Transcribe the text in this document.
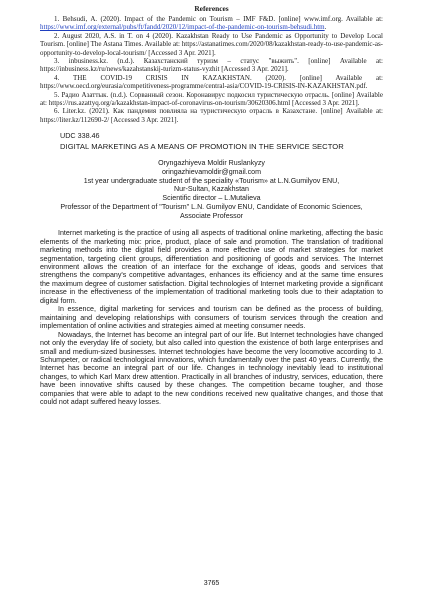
References

1. Behsudi, A. (2020). Impact of the Pandemic on Tourism – IMF F&D. [online] www.imf.org. Available at: https://www.imf.org/external/pubs/ft/fandd/2020/12/impact-of-the-pandemic-on-tourism-behsudi.htm.

2. August 2020, A.S. in T. on 4 (2020). Kazakhstan Ready to Use Pandemic as Opportunity to Develop Local Tourism. [online] The Astana Times. Available at: https://astanatimes.com/2020/08/kazakhstan-ready-to-use-pandemic-as-opportunity-to-develop-local-tourism/ [Accessed 3 Apr. 2021].

3. inbusiness.kz. (n.d.). Казахстанский туризм – статус "выжить". [online] Available at: https://inbusiness.kz/ru/news/kazahstanskij-turizm-status-vyzhit [Accessed 3 Apr. 2021].

4. THE COVID-19 CRISIS IN KAZAKHSTAN. (2020). [online] Available at: https://www.oecd.org/eurasia/competitiveness-programme/central-asia/COVID-19-CRISIS-IN-KAZAKHSTAN.pdf.

5. Радио Азаттык. (n.d.). Сорванный сезон. Коронавирус подкосил туристическую отрасль. [online] Available at: https://rus.azattyq.org/a/kazakhstan-impact-of-coronavirus-on-tourism/30620306.html [Accessed 3 Apr. 2021].

6. Liter.kz. (2021). Как пандемия повлияла на туристическую отрасль в Казахстане. [online] Available at: https://liter.kz/112690-2/ [Accessed 3 Apr. 2021].

UDC 338.46
DIGITAL MARKETING AS A MEANS OF PROMOTION IN THE SERVICE SECTOR

Oryngazhiyeva Moldir Ruslankyzy

oringazhievamoldir@gmail.com

1st year undergraduate student of the speciality «Tourism» at L.N.Gumilyov ENU,

Nur-Sultan, Kazakhstan

Scientific director – L.Mutalieva

Professor of the Department of "Tourism" L.N. Gumilyov ENU, Candidate of Economic Sciences,

Associate Professor

Internet marketing is the practice of using all aspects of traditional online marketing, affecting the basic elements of the marketing mix: price, product, place of sale and promotion. The translation of traditional marketing methods into the digital field provides a more effective use of market strategies for market segmentation, targeting client groups, differentiation and positioning of goods and services. The Internet environment allows the creation of an interface for the exchange of ideas, goods and services that strengthens the company's competitive advantages, enhances its efficiency and at the same time ensures the maximum degree of customer satisfaction. Digital technologies of Internet marketing provide a significant increase in the effectiveness of the implementation of traditional marketing tools due to their adaptation to digital form.

In essence, digital marketing for services and tourism can be defined as the process of building, maintaining and developing relationships with consumers of tourism services through the creation and implementation of online activities and strategies aimed at meeting consumer needs.

Nowadays, the Internet has become an integral part of our life. But Internet technologies have changed not only the everyday life of society, but also called into question the existence of both large enterprises and small and medium-sized businesses. Internet technologies have become the very locomotive according to J. Schumpeter, or radical technological innovations, which fundamentally over the past 40 years. Currently, the Internet has become an integral part of our life. Changes in technology inevitably lead to institutional changes, to which Karl Marx drew attention. Practically in all branches of industry, services, education, there have been innovative shifts caused by these changes. The competition became tougher, and those companies that were able to adapt to the new conditions received new qualitative changes, and those that could not adapt suffered heavy losses.

3765
